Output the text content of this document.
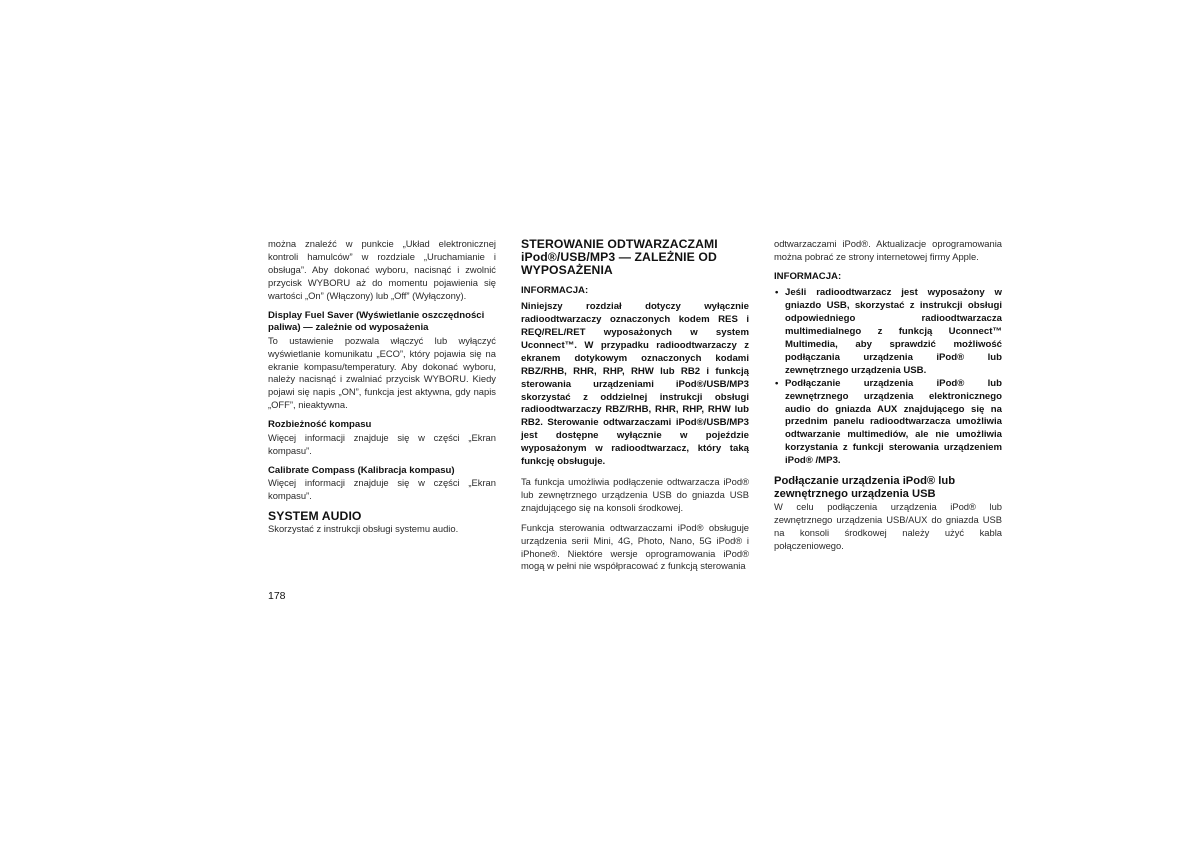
można znaleźć w punkcie „Układ elektronicznej kontroli hamulców” w rozdziale „Uruchamianie i obsługa”. Aby dokonać wyboru, nacisnąć i zwolnić przycisk WYBORU aż do momentu pojawienia się wartości „On” (Włączony) lub „Off” (Wyłączony).

Display Fuel Saver (Wyświetlanie oszczędności paliwa) — zależnie od wyposażenia

To ustawienie pozwala włączyć lub wyłączyć wyświetlanie komunikatu „ECO”, który pojawia się na ekranie kompasu/temperatury. Aby dokonać wyboru, należy nacisnąć i zwalniać przycisk WYBORU. Kiedy pojawi się napis „ON”, funkcja jest aktywna, gdy napis „OFF”, nieaktywna.

Rozbieżność kompasu

Więcej informacji znajduje się w części „Ekran kompasu”.

Calibrate Compass (Kalibracja kompasu)

Więcej informacji znajduje się w części „Ekran kompasu”.

SYSTEM AUDIO

Skorzystać z instrukcji obsługi systemu audio.

STEROWANIE ODTWARZACZAMI iPod®/USB/MP3 — ZALEŻNIE OD WYPOSAŻENIA
INFORMACJA:

Niniejszy rozdział dotyczy wyłącznie radioodtwarzaczy oznaczonych kodem RES i REQ/REL/RET wyposażonych w system Uconnect™. W przypadku radioodtwarzaczy z ekranem dotykowym oznaczonych kodami RBZ/RHB, RHR, RHP, RHW lub RB2 i funkcją sterowania urządzeniami iPod®/USB/MP3 skorzystać z oddzielnej instrukcji obsługi radioodtwarzaczy RBZ/RHB, RHR, RHP, RHW lub RB2. Sterowanie odtwarzaczami iPod®/USB/MP3 jest dostępne wyłącznie w pojeździe wyposażonym w radioodtwarzacz, który taką funkcję obsługuje.

Ta funkcja umożliwia podłączenie odtwarzacza iPod® lub zewnętrznego urządzenia USB do gniazda USB znajdującego się na konsoli środkowej.

Funkcja sterowania odtwarzaczami iPod® obsługuje urządzenia serii Mini, 4G, Photo, Nano, 5G iPod® i iPhone®. Niektóre wersje oprogramowania iPod® mogą w pełni nie współpracować z funkcją sterowania

odtwarzaczami iPod®. Aktualizacje oprogramowania można pobrać ze strony internetowej firmy Apple.

INFORMACJA:
• Jeśli radioodtwarzacz jest wyposażony w gniazdo USB, skorzystać z instrukcji obsługi odpowiedniego radioodtwarzacza multimedialnego z funkcją Uconnect™ Multimedia, aby sprawdzić możliwość podłączania urządzenia iPod® lub zewnętrznego urządzenia USB.
• Podłączanie urządzenia iPod® lub zewnętrznego urządzenia elektronicznego audio do gniazda AUX znajdującego się na przednim panelu radioodtwarzacza umożliwia odtwarzanie multimediów, ale nie umożliwia korzystania z funkcji sterowania urządzeniem iPod® /MP3.
Podłączanie urządzenia iPod® lub zewnętrznego urządzenia USB

W celu podłączenia urządzenia iPod® lub zewnętrznego urządzenia USB/AUX do gniazda USB na konsoli środkowej należy użyć kabla połączeniowego.

178
